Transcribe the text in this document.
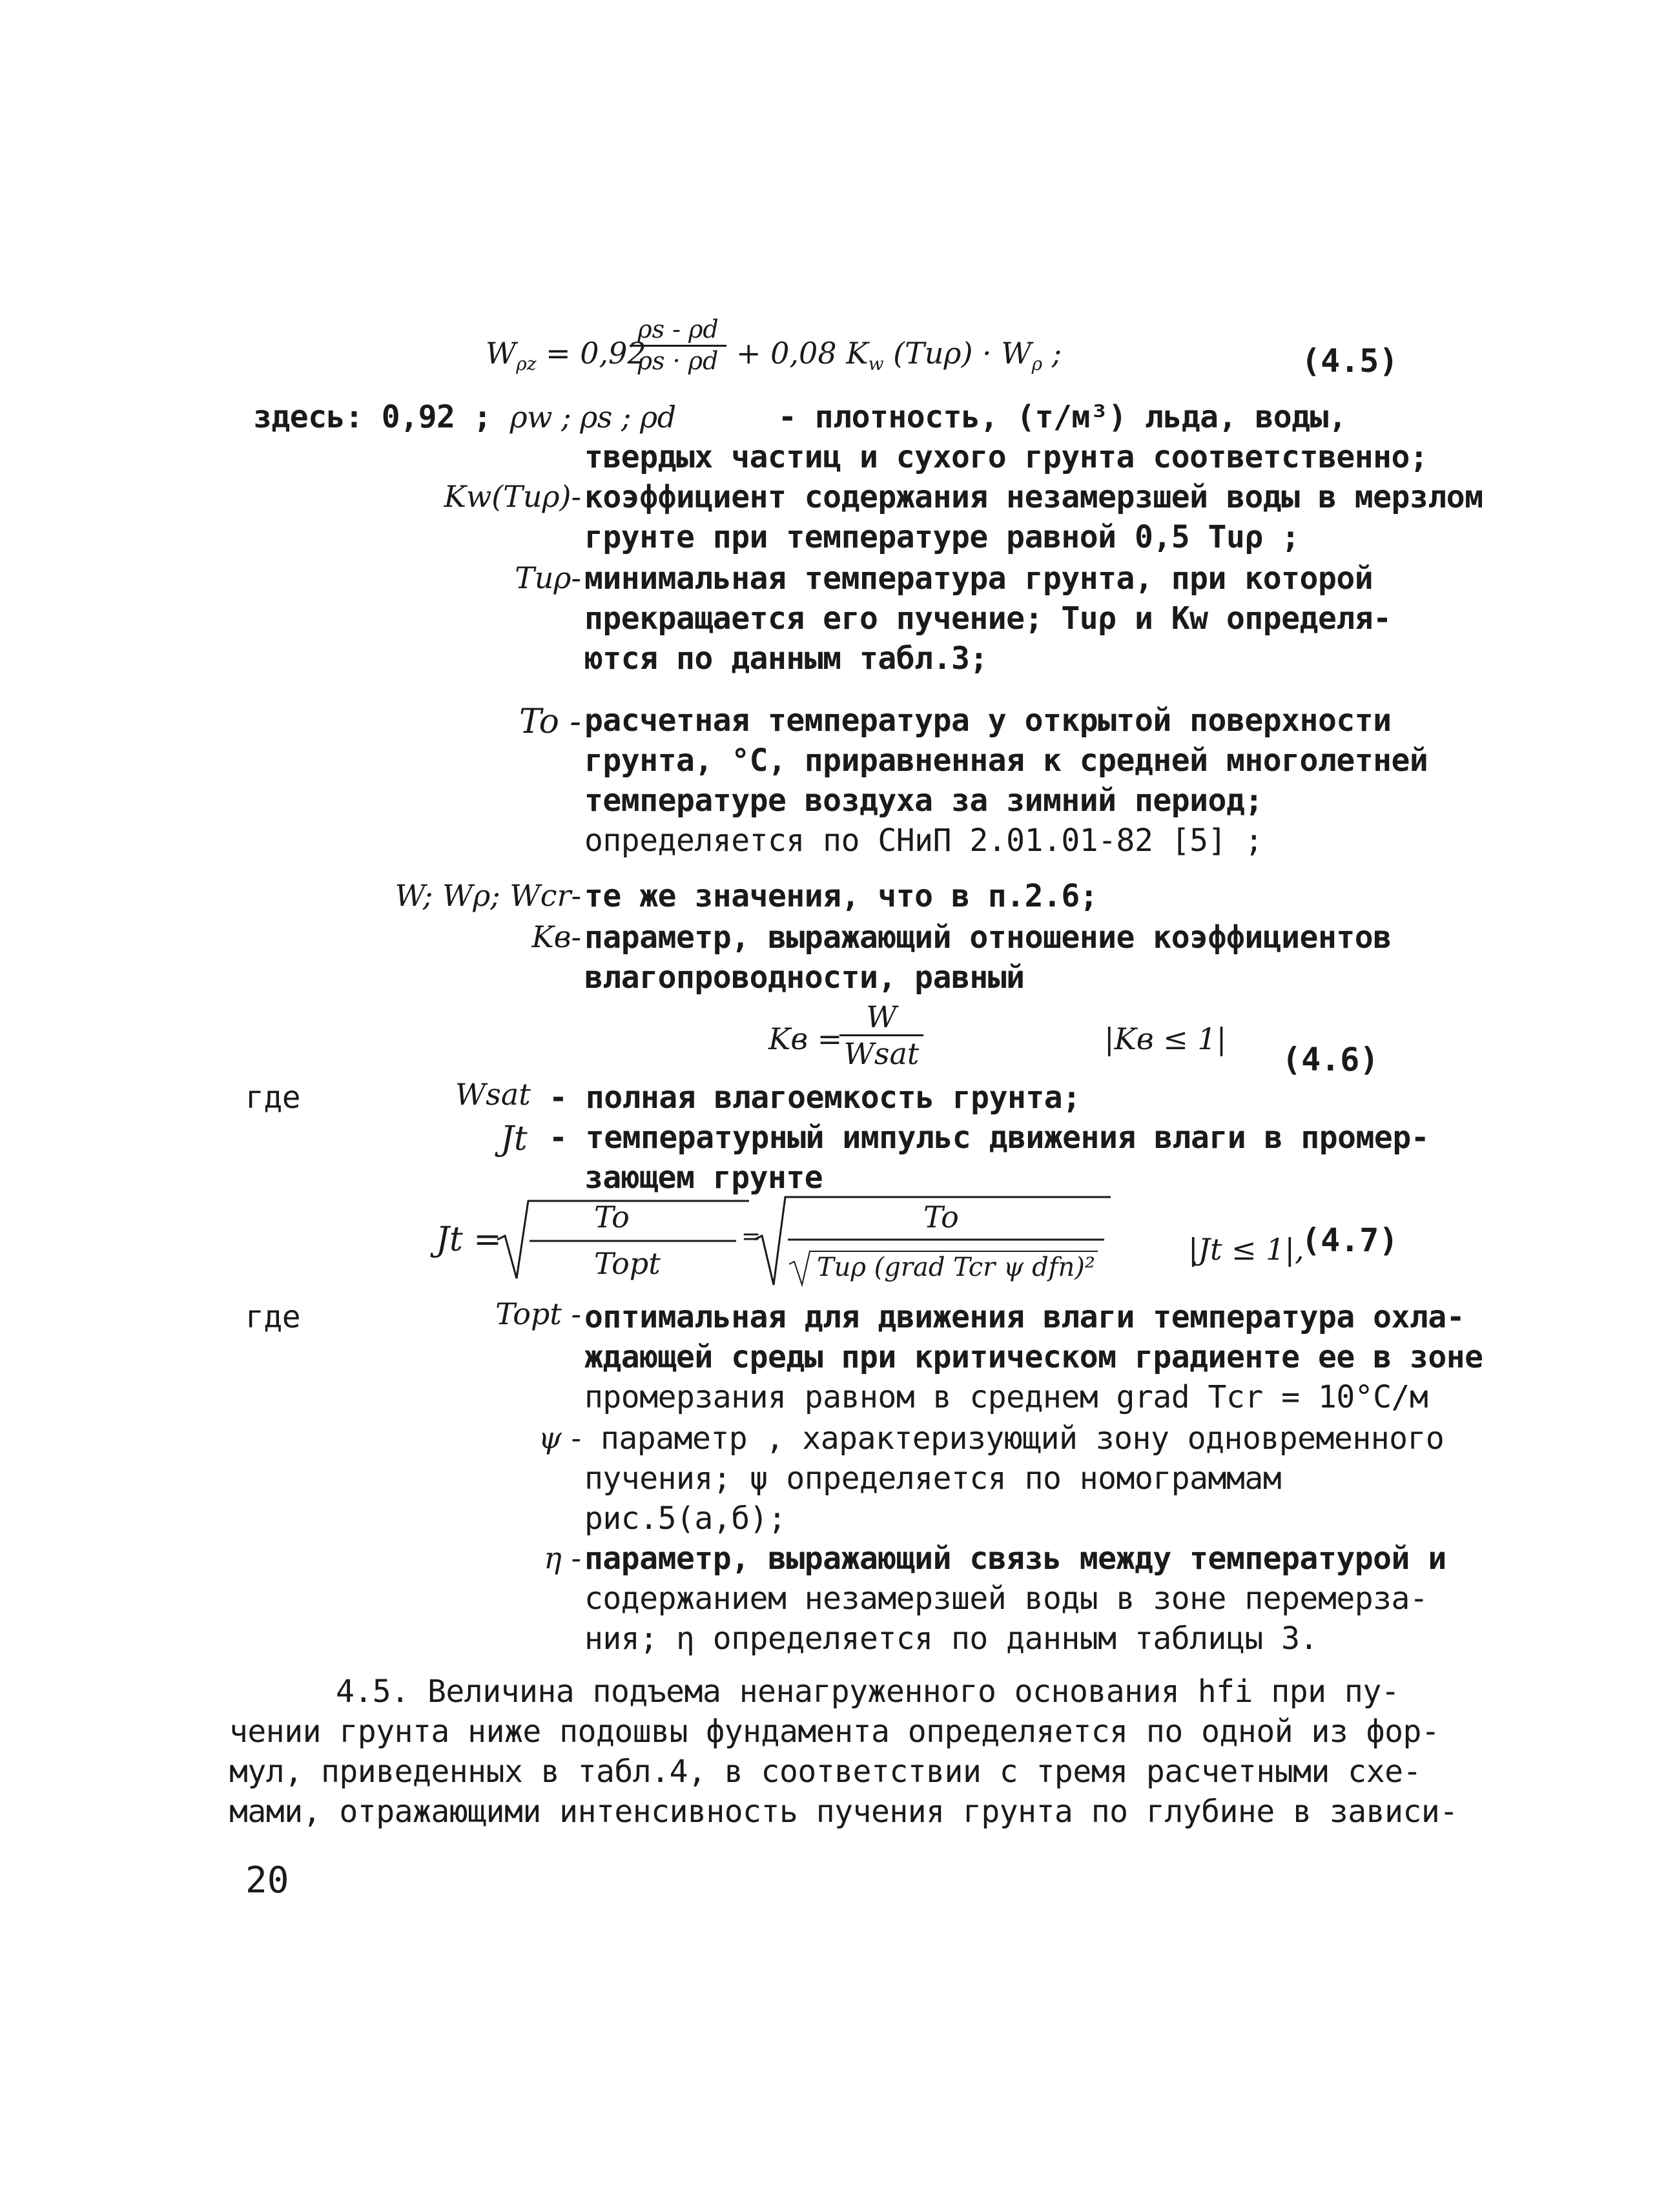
$W_{\rho z} = 0,92$
$\frac{\rho s - \rho d}{\rho s \cdot \rho d} + 0,08$ $K_w$ $(Tu\rho) \cdot W_\rho$ ;	(4.5)
здесь: 0,92 ; ρw ; ρs ; ρd	- плотность, (т/м³) льда, воды,
твердых частиц и сухого грунта соответственно;
Kw(Tuρ)- коэффициент содержания незамерзшей воды в мерзлом
грунте при температуре равной 0,5 Tuρ ;
Tuρ- минимальная температура грунта, при которой
прекращается его пучение; Tuρ и Kw определя-
ются по данным табл.3;
To - расчетная температура у открытой поверхности
грунта, °C, приравненная к средней многолетней
температуре воздуха за зимний период;
определяется по СНиП 2.01.01-82 [5] ;
W; Wρ; Wcr- те же значения, что в п.2.6;
Kв- параметр, выражающий отношение коэффициентов
влагопроводности, равный
Kв =
W
Wsat	|Kв ≤ 1|
(4.6)
где	Wsat - полная влагоемкость грунта;
Jt - температурный импульс движения влаги в промер-
зающем грунте
Jt =
To
Topt
=
To
Tuρ (grad Tcr ψ dfn)²
|Jt ≤ 1|,
(4.7)
где	Topt - оптимальная для движения влаги температура охла-
ждающей среды при критическом градиенте ее в зоне
промерзания равном в среднем grad Tcr = 10°C/м
ψ - параметр , характеризующий зону одновременного
пучения; ψ определяется по номограммам
рис.5(а,б);
η - параметр, выражающий связь между температурой и
содержанием незамерзшей воды в зоне перемерза-
ния; η определяется по данным таблицы 3.
4.5. Величина подъема ненагруженного основания hfi при пу-
чении грунта ниже подошвы фундамента определяется по одной из фор-
мул, приведенных в табл.4, в соответствии с тремя расчетными схе-
мами, отражающими интенсивность пучения грунта по глубине в зависи-
20
